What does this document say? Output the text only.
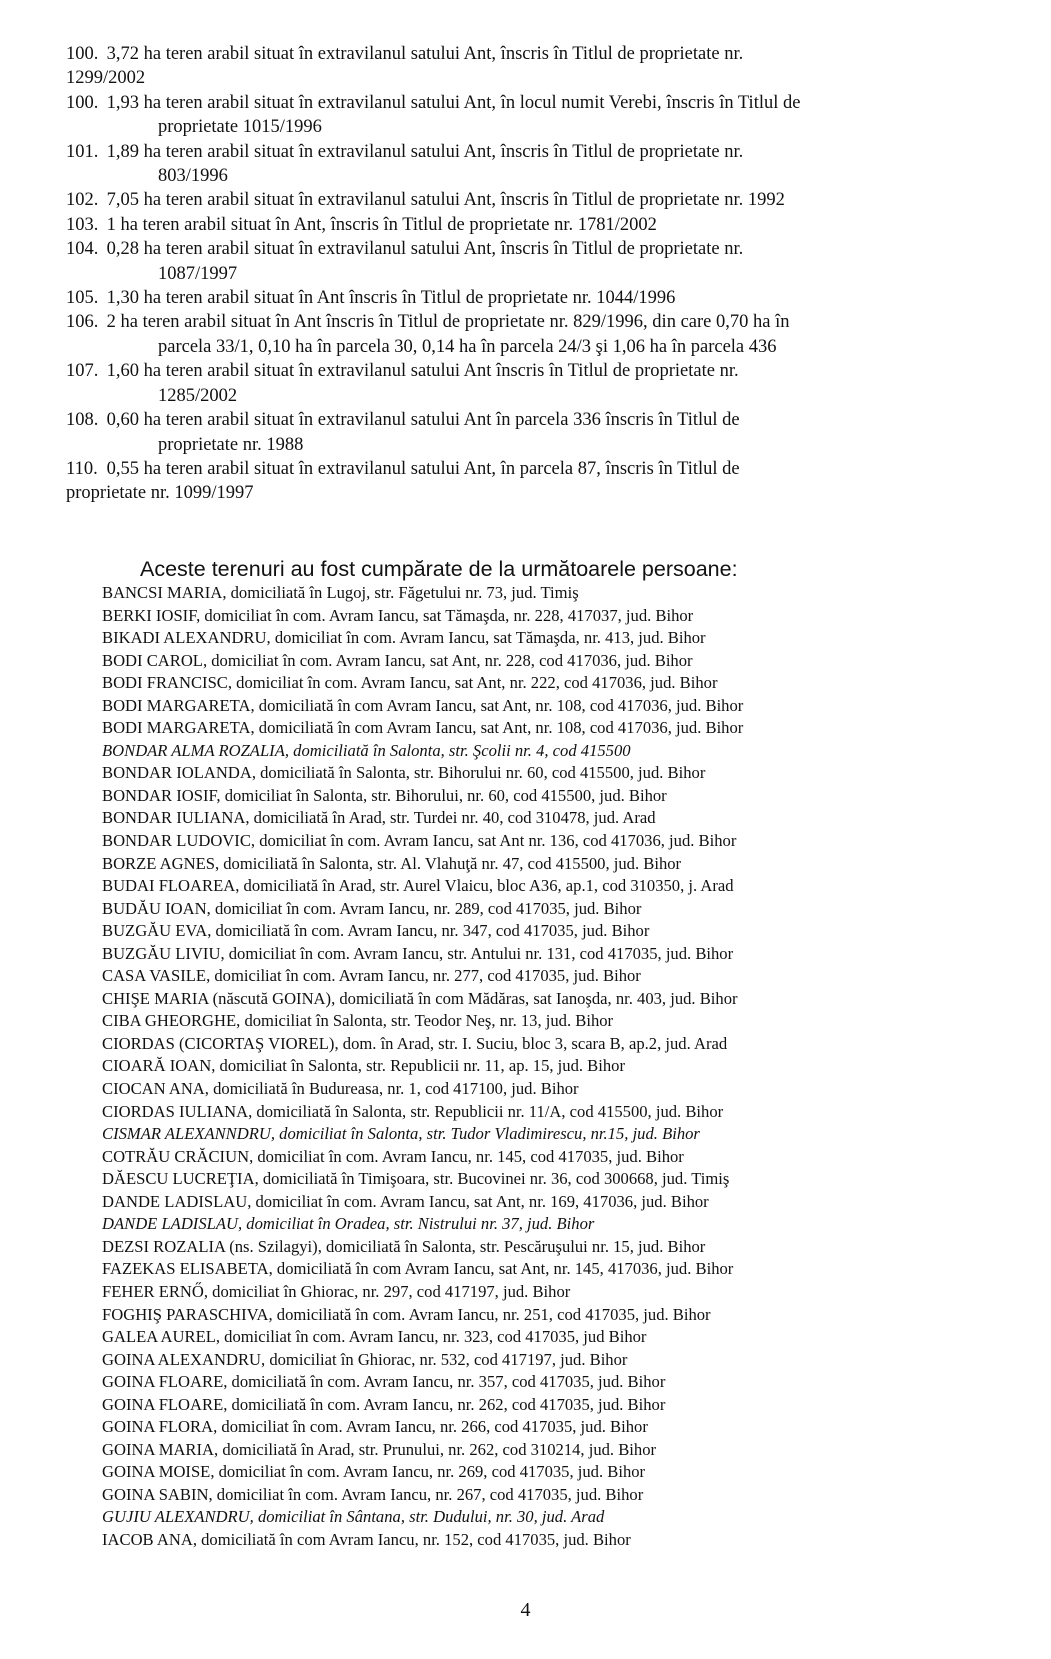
100. 3,72 ha teren arabil situat în extravilanul satului Ant, înscris în Titlul de proprietate nr.
1299/2002
100. 1,93 ha teren arabil situat în extravilanul satului Ant, în locul numit Verebi, înscris în Titlul de
proprietate 1015/1996
101. 1,89 ha teren arabil situat în extravilanul satului Ant, înscris în Titlul de proprietate nr.
803/1996
102. 7,05 ha teren arabil situat în extravilanul satului Ant, înscris în Titlul de proprietate nr. 1992
103. 1 ha teren arabil situat în Ant, înscris în Titlul de proprietate nr. 1781/2002
104. 0,28 ha teren arabil situat în extravilanul satului Ant, înscris în Titlul de proprietate nr.
1087/1997
105. 1,30 ha teren arabil situat în Ant înscris în Titlul de proprietate nr. 1044/1996
106. 2 ha teren arabil situat în Ant înscris în Titlul de proprietate nr. 829/1996, din care 0,70 ha în
parcela 33/1, 0,10 ha în parcela 30, 0,14 ha în parcela 24/3 şi 1,06 ha în parcela 436
107. 1,60 ha teren arabil situat în extravilanul satului Ant înscris în Titlul de proprietate nr.
1285/2002
108. 0,60 ha teren arabil situat în extravilanul satului Ant în parcela 336 înscris în Titlul de
proprietate nr. 1988
110. 0,55 ha teren arabil situat în extravilanul satului Ant, în parcela 87, înscris în Titlul de
proprietate nr. 1099/1997
Aceste terenuri au fost cumpărate de la următoarele persoane:
BANCSI MARIA, domiciliată în Lugoj, str. Făgetului nr. 73, jud. Timiş
BERKI IOSIF, domiciliat în com. Avram Iancu, sat Tămaşda, nr. 228, 417037, jud. Bihor
BIKADI ALEXANDRU, domiciliat în com. Avram Iancu, sat Tămaşda, nr. 413, jud. Bihor
BODI CAROL, domiciliat în com. Avram Iancu, sat Ant, nr. 228, cod 417036, jud. Bihor
BODI FRANCISC, domiciliat în com. Avram Iancu, sat Ant, nr. 222, cod 417036, jud. Bihor
BODI MARGARETA, domiciliată în com Avram Iancu, sat Ant, nr. 108, cod 417036, jud. Bihor
BODI MARGARETA, domiciliată în com Avram Iancu, sat Ant, nr. 108, cod 417036, jud. Bihor
BONDAR ALMA ROZALIA, domiciliată în Salonta, str. Şcolii nr. 4, cod 415500
BONDAR IOLANDA, domiciliată în Salonta, str. Bihorului nr. 60, cod 415500, jud. Bihor
BONDAR IOSIF, domiciliat în Salonta, str. Bihorului, nr. 60, cod 415500, jud. Bihor
BONDAR IULIANA, domiciliată în Arad, str. Turdei nr. 40, cod 310478, jud. Arad
BONDAR LUDOVIC, domiciliat în com. Avram Iancu, sat Ant nr. 136, cod 417036, jud. Bihor
BORZE AGNES, domiciliată în Salonta, str. Al. Vlahuţă nr. 47, cod 415500, jud. Bihor
BUDAI FLOAREA, domiciliată în Arad, str. Aurel Vlaicu, bloc A36, ap.1, cod 310350, j. Arad
BUDĂU IOAN, domiciliat în com. Avram Iancu, nr. 289, cod 417035, jud. Bihor
BUZGĂU EVA, domiciliată în com. Avram Iancu, nr. 347, cod 417035, jud. Bihor
BUZGĂU LIVIU, domiciliat în com. Avram Iancu, str. Antului nr. 131, cod 417035, jud. Bihor
CASA VASILE, domiciliat în com. Avram Iancu, nr. 277, cod 417035, jud. Bihor
CHIŞE MARIA (născută GOINA), domiciliată în com Mădăras, sat Ianoşda, nr. 403, jud. Bihor
CIBA GHEORGHE, domiciliat în Salonta, str. Teodor Neş, nr. 13, jud. Bihor
CIORDAS (CICORTAŞ VIOREL), dom. în Arad, str. I. Suciu, bloc 3, scara B, ap.2, jud. Arad
CIOARĂ IOAN, domiciliat în Salonta, str. Republicii nr. 11, ap. 15, jud. Bihor
CIOCAN ANA, domiciliată în Budureasa, nr. 1, cod 417100, jud. Bihor
CIORDAS IULIANA, domiciliată în Salonta, str. Republicii nr. 11/A, cod 415500, jud. Bihor
CISMAR ALEXANNDRU, domiciliat în Salonta, str. Tudor Vladimirescu, nr.15, jud. Bihor
COTRĂU CRĂCIUN, domiciliat în com. Avram Iancu, nr. 145, cod 417035, jud. Bihor
DĂESCU LUCREŢIA, domiciliată în Timişoara, str. Bucovinei nr. 36, cod 300668, jud. Timiş
DANDE LADISLAU, domiciliat în com. Avram Iancu, sat Ant, nr. 169, 417036, jud. Bihor
DANDE LADISLAU, domiciliat în Oradea, str. Nistrului nr. 37, jud. Bihor
DEZSI ROZALIA (ns. Szilagyi), domiciliată în Salonta, str. Pescăruşului nr. 15, jud. Bihor
FAZEKAS ELISABETA, domiciliată în com Avram Iancu, sat Ant, nr. 145, 417036, jud. Bihor
FEHER ERNŐ, domiciliat în Ghiorac, nr. 297, cod 417197, jud. Bihor
FOGHIŞ PARASCHIVA, domiciliată în com. Avram Iancu, nr. 251, cod 417035, jud. Bihor
GALEA AUREL, domiciliat în com. Avram Iancu, nr. 323, cod 417035, jud Bihor
GOINA ALEXANDRU, domiciliat în Ghiorac, nr. 532, cod 417197, jud. Bihor
GOINA FLOARE, domiciliată în com. Avram Iancu, nr. 357, cod 417035, jud. Bihor
GOINA FLOARE, domiciliată în com. Avram Iancu, nr. 262, cod 417035, jud. Bihor
GOINA FLORA, domiciliat în com. Avram Iancu, nr. 266, cod 417035, jud. Bihor
GOINA MARIA, domiciliată în Arad, str. Prunului, nr. 262, cod 310214, jud. Bihor
GOINA MOISE, domiciliat în com. Avram Iancu, nr. 269, cod 417035, jud. Bihor
GOINA SABIN, domiciliat în com. Avram Iancu, nr. 267, cod 417035, jud. Bihor
GUJIU ALEXANDRU, domiciliat în Sântana, str. Dudului, nr. 30, jud. Arad
IACOB ANA, domiciliată în com Avram Iancu, nr. 152, cod 417035, jud. Bihor
4
